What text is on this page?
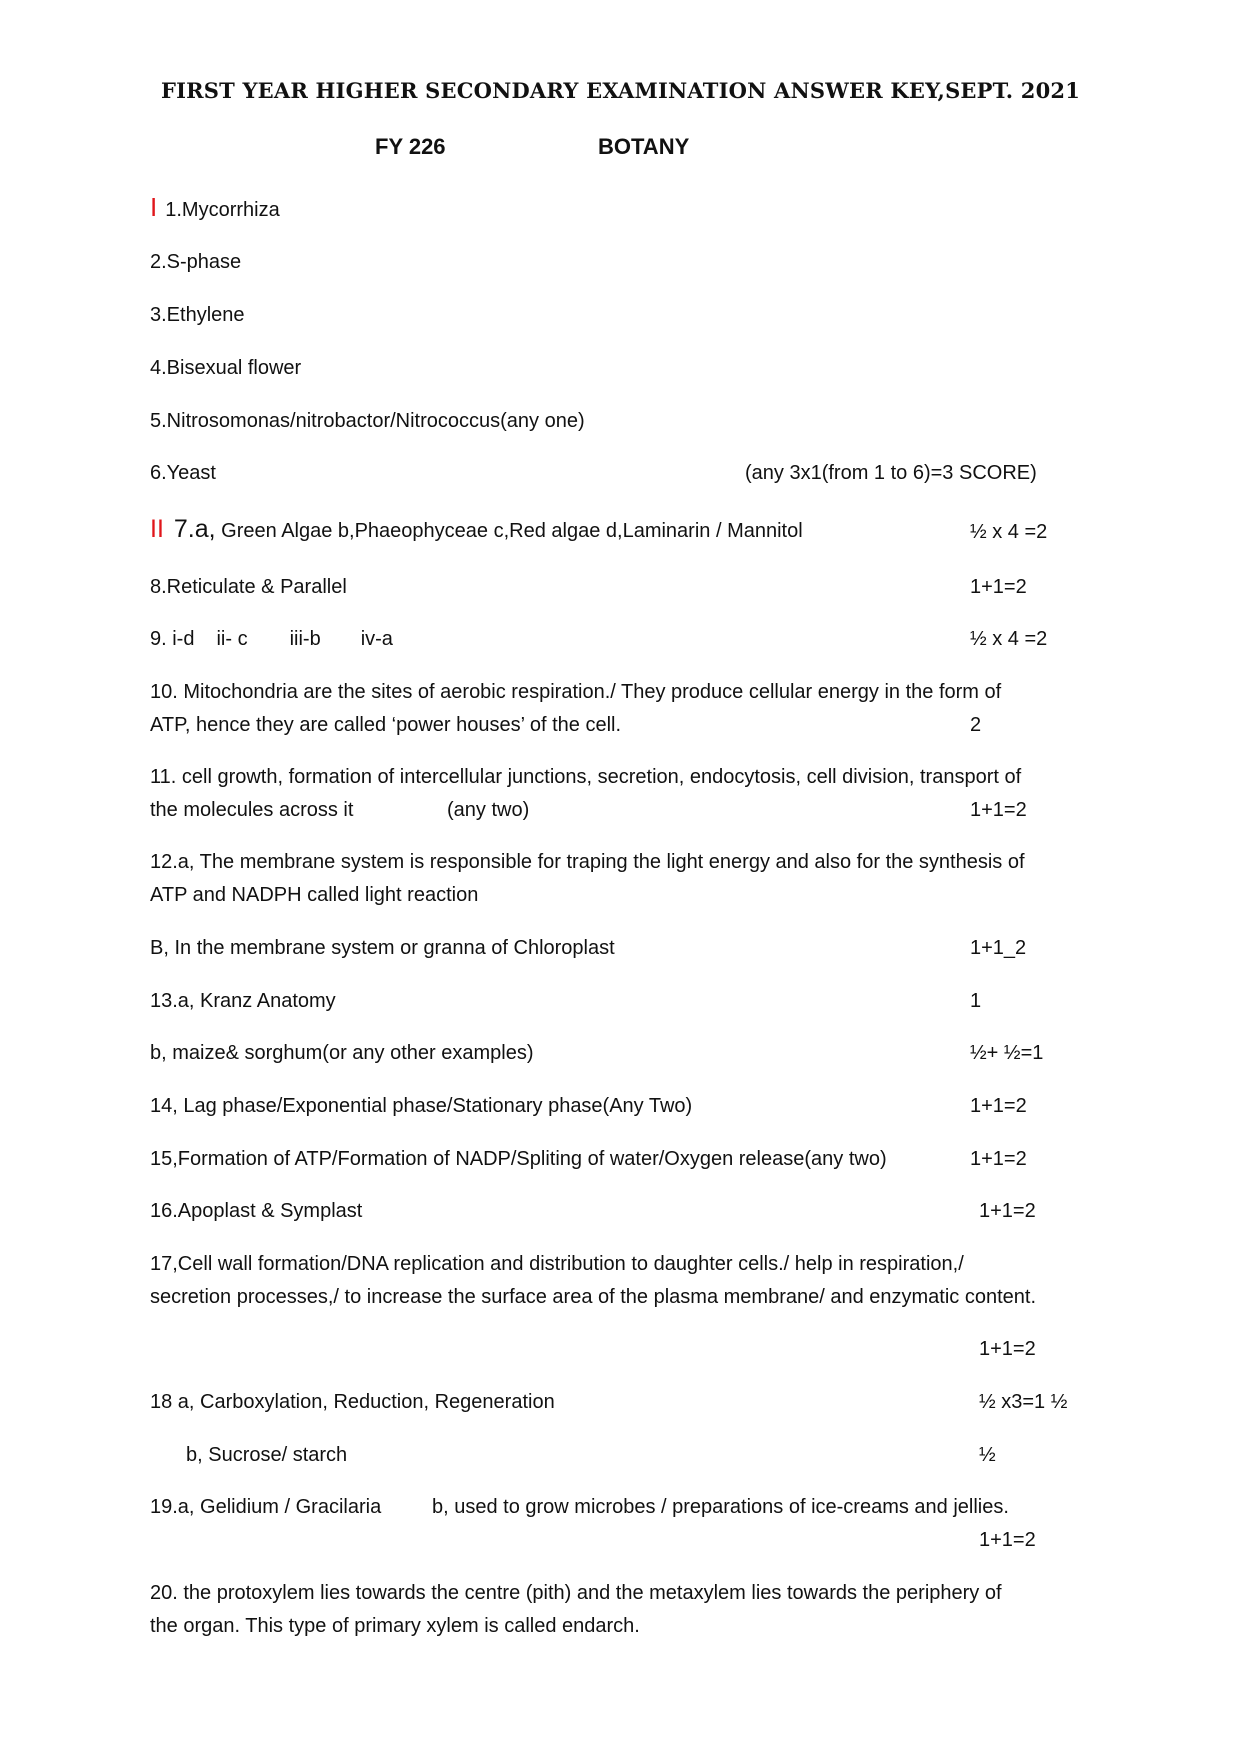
FIRST YEAR HIGHER SECONDARY EXAMINATION ANSWER KEY,SEPT. 2021
FY 226	BOTANY
I 1.Mycorrhiza
2.S-phase
3.Ethylene
4.Bisexual flower
5.Nitrosomonas/nitrobactor/Nitrococcus(any one)
6.Yeast	(any 3x1(from 1 to 6)=3 SCORE)
II 7.a, Green Algae b,Phaeophyceae c,Red algae d,Laminarin / Mannitol	½ x 4 =2
8.Reticulate & Parallel	1+1=2
9. i-d ii- c iii-b iv-a	½ x 4 =2
10. Mitochondria are the sites of aerobic respiration./ They produce cellular energy in the form of
ATP, hence they are called ‘power houses’ of the cell.	2
11. cell growth, formation of intercellular junctions, secretion, endocytosis, cell division, transport of
the molecules across it	(any two)	1+1=2
12.a, The membrane system is responsible for traping the light energy and also for the synthesis of
ATP and NADPH called light reaction
B, In the membrane system or granna of Chloroplast	1+1_2
13.a, Kranz Anatomy	1
b, maize& sorghum(or any other examples)	½+ ½=1
14, Lag phase/Exponential phase/Stationary phase(Any Two)	1+1=2
15,Formation of ATP/Formation of NADP/Spliting of water/Oxygen release(any two)	1+1=2
16.Apoplast & Symplast	1+1=2
17,Cell wall formation/DNA replication and distribution to daughter cells./ help in respiration,/
secretion processes,/ to increase the surface area of the plasma membrane/ and enzymatic content.
1+1=2
18 a, Carboxylation, Reduction, Regeneration	½ x3=1 ½
b, Sucrose/ starch	½
19.a, Gelidium / Gracilaria	b, used to grow microbes / preparations of ice-creams and jellies.
1+1=2
20. the protoxylem lies towards the centre (pith) and the metaxylem lies towards the periphery of
the organ. This type of primary xylem is called endarch.
